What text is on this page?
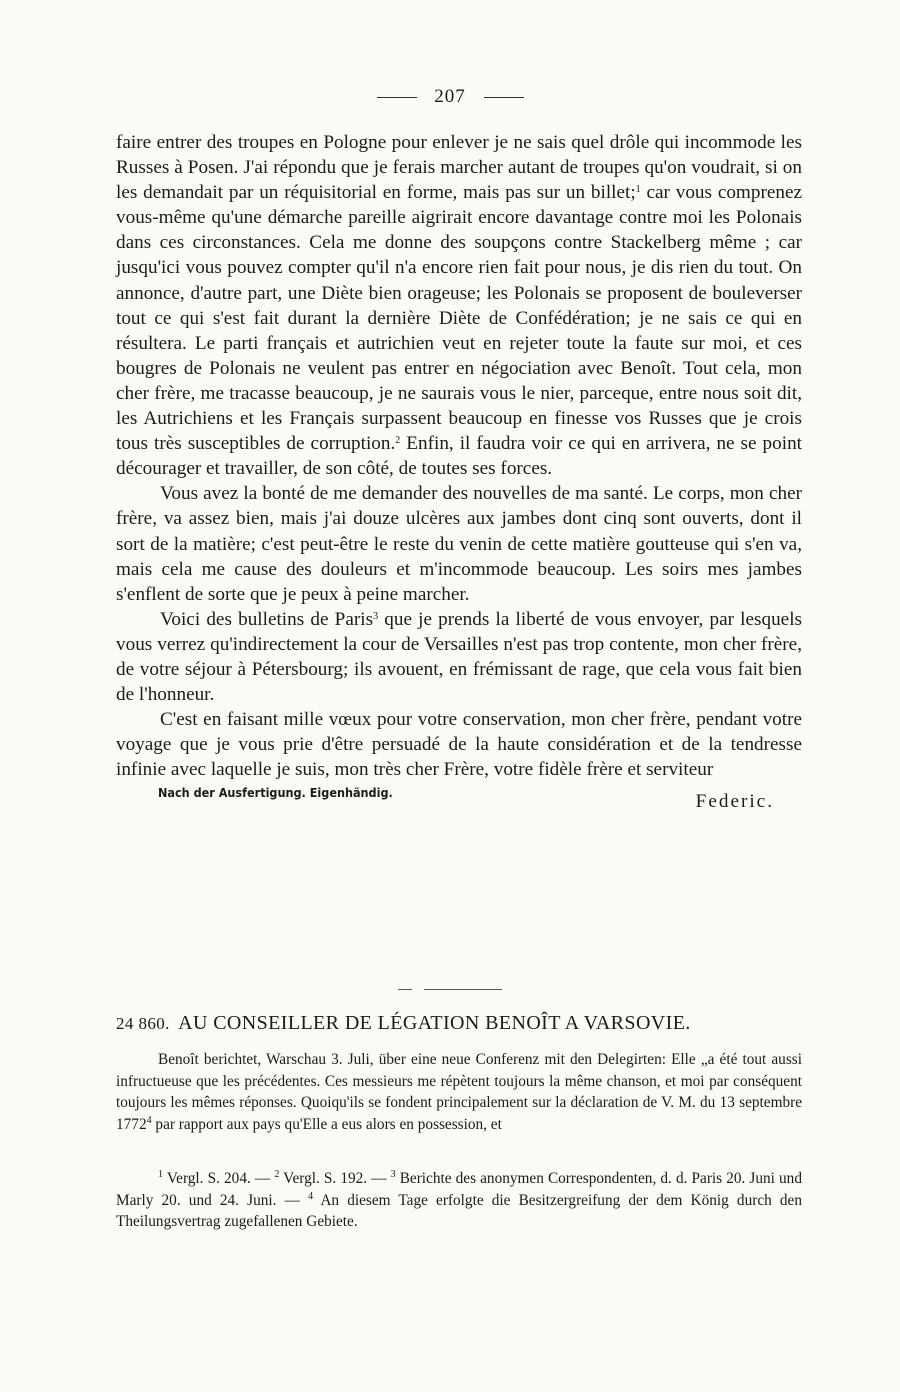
207

faire entrer des troupes en Pologne pour enlever je ne sais quel drôle qui incommode les Russes à Posen. J'ai répondu que je ferais marcher autant de troupes qu'on voudrait, si on les demandait par un réquisitorial en forme, mais pas sur un billet;$^1$ car vous comprenez vous-même qu'une démarche pareille aigrirait encore davantage contre moi les Polonais dans ces circonstances. Cela me donne des soupçons contre Stackelberg même ; car jusqu'ici vous pouvez compter qu'il n'a encore rien fait pour nous, je dis rien du tout. On annonce, d'autre part, une Diète bien orageuse; les Polonais se proposent de bouleverser tout ce qui s'est fait durant la dernière Diète de Confédération; je ne sais ce qui en résultera. Le parti français et autrichien veut en rejeter toute la faute sur moi, et ces bougres de Polonais ne veulent pas entrer en négociation avec Benoît. Tout cela, mon cher frère, me tracasse beaucoup, je ne saurais vous le nier, parceque, entre nous soit dit, les Autrichiens et les Français surpassent beaucoup en finesse vos Russes que je crois tous très susceptibles de corruption.$^2$ Enfin, il faudra voir ce qui en arrivera, ne se point décourager et travailler, de son côté, de toutes ses forces.

Vous avez la bonté de me demander des nouvelles de ma santé. Le corps, mon cher frère, va assez bien, mais j'ai douze ulcères aux jambes dont cinq sont ouverts, dont il sort de la matière; c'est peut-être le reste du venin de cette matière goutteuse qui s'en va, mais cela me cause des douleurs et m'incommode beaucoup. Les soirs mes jambes s'enflent de sorte que je peux à peine marcher.

Voici des bulletins de Paris$^3$ que je prends la liberté de vous envoyer, par lesquels vous verrez qu'indirectement la cour de Versailles n'est pas trop contente, mon cher frère, de votre séjour à Pétersbourg; ils avouent, en frémissant de rage, que cela vous fait bien de l'honneur.

C'est en faisant mille vœux pour votre conservation, mon cher frère, pendant votre voyage que je vous prie d'être persuadé de la haute considération et de la tendresse infinie avec laquelle je suis, mon très cher Frère, votre fidèle frère et serviteur

Federic.
Nach der Ausfertigung. Eigenhändig.
24 860. AU CONSEILLER DE LÉGATION BENOÎT A VARSOVIE.

Benoît berichtet, Warschau 3. Juli, über eine neue Conferenz mit den Delegirten: Elle „a été tout aussi infructueuse que les précédentes. Ces messieurs me répètent toujours la même chanson, et moi par conséquent toujours les mêmes réponses. Quoiqu'ils se fondent principalement sur la déclaration de V. M. du 13 septembre 1772$^4$ par rapport aux pays qu'Elle a eus alors en possession, et

$^1$ Vergl. S. 204. — $^2$ Vergl. S. 192. — $^3$ Berichte des anonymen Correspondenten, d. d. Paris 20. Juni und Marly 20. und 24. Juni. — $^4$ An diesem Tage erfolgte die Besitzergreifung der dem König durch den Theilungsvertrag zugefallenen Gebiete.
